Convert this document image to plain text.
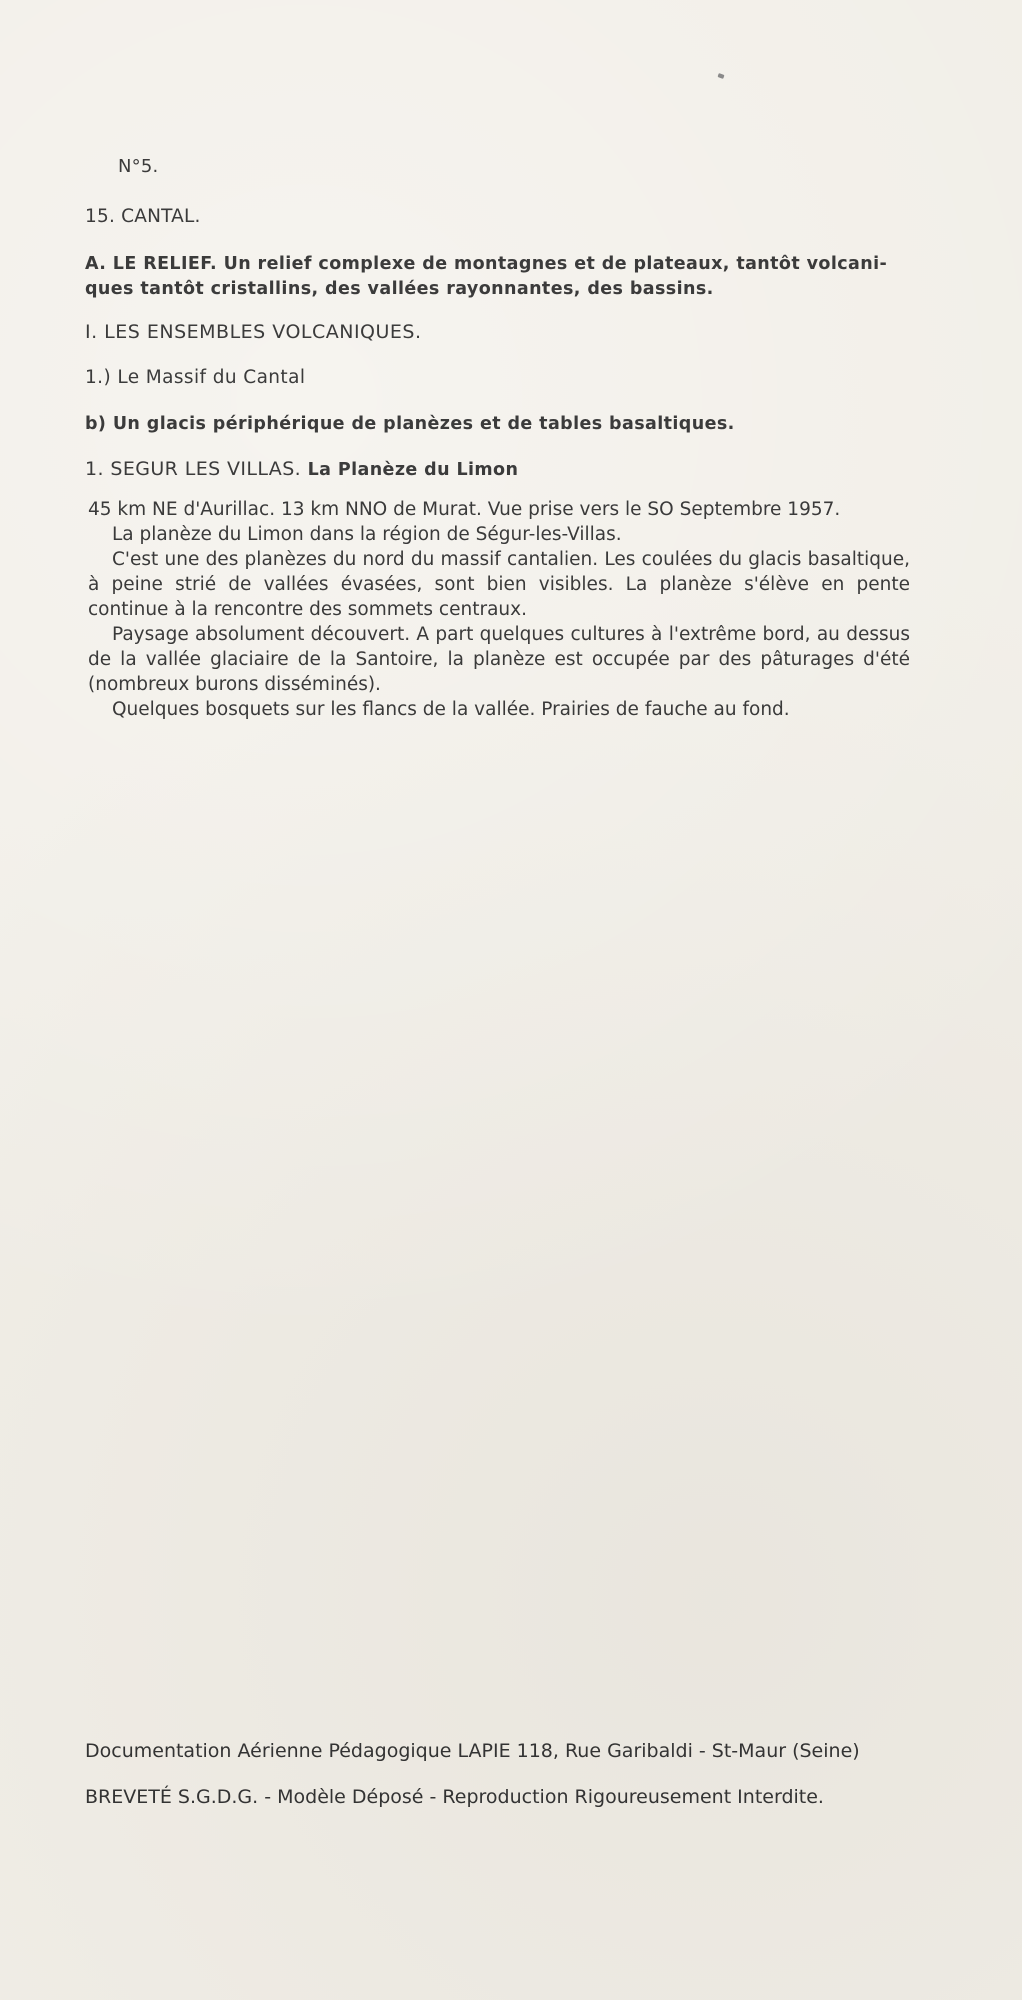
N°5.
15. CANTAL.
A. LE RELIEF. Un relief complexe de montagnes et de plateaux, tantôt volcani-
ques tantôt cristallins, des vallées rayonnantes, des bassins.
I. LES ENSEMBLES VOLCANIQUES.
1.) Le Massif du Cantal
b) Un glacis périphérique de planèzes et de tables basaltiques.
1. SEGUR LES VILLAS. La Planèze du Limon

45 km NE d'Aurillac. 13 km NNO de Murat. Vue prise vers le SO Septembre 1957.

La planèze du Limon dans la région de Ségur-les-Villas.

C'est une des planèzes du nord du massif cantalien. Les coulées du glacis basaltique, à peine strié de vallées évasées, sont bien visibles. La planèze s'élève en pente continue à la rencontre des sommets centraux.

Paysage absolument découvert. A part quelques cultures à l'extrême bord, au dessus de la vallée glaciaire de la Santoire, la planèze est occupée par des pâturages d'été (nombreux burons disséminés).

Quelques bosquets sur les flancs de la vallée. Prairies de fauche au fond.

Documentation Aérienne Pédagogique LAPIE 118, Rue Garibaldi - St-Maur (Seine)
BREVETÉ S.G.D.G. - Modèle Déposé - Reproduction Rigoureusement Interdite.
